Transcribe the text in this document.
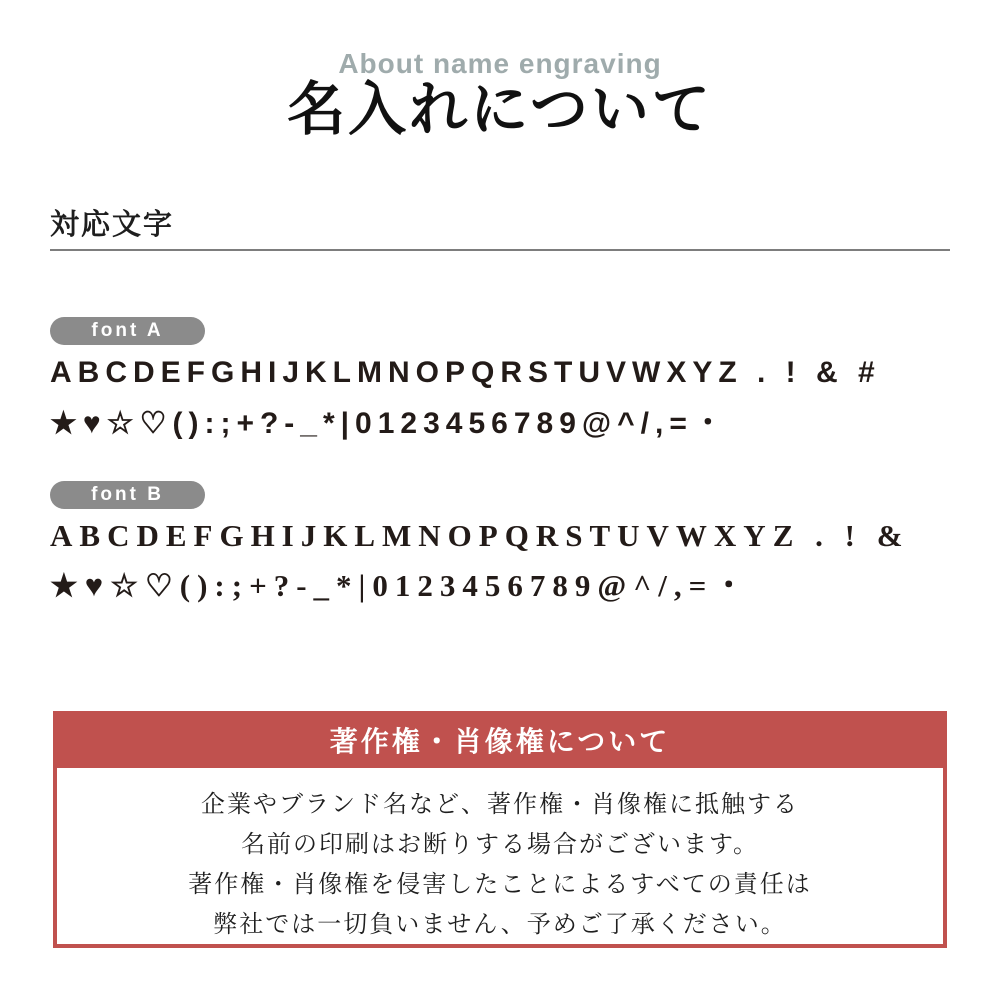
About name engraving
名入れについて
対応文字
font A
ABCDEFGHIJKLMNOPQRSTUVWXYZ . ! & #
★♥☆♡():;+?-_*|0123456789@^/,=・
font B
ABCDEFGHIJKLMNOPQRSTUVWXYZ . ! &
★♥☆♡():;+?-_*|0123456789@^/,=・
著作権・肖像権について
企業やブランド名など、著作権・肖像権に抵触する
名前の印刷はお断りする場合がございます。
著作権・肖像権を侵害したことによるすべての責任は
弊社では一切負いません、予めご了承ください。
